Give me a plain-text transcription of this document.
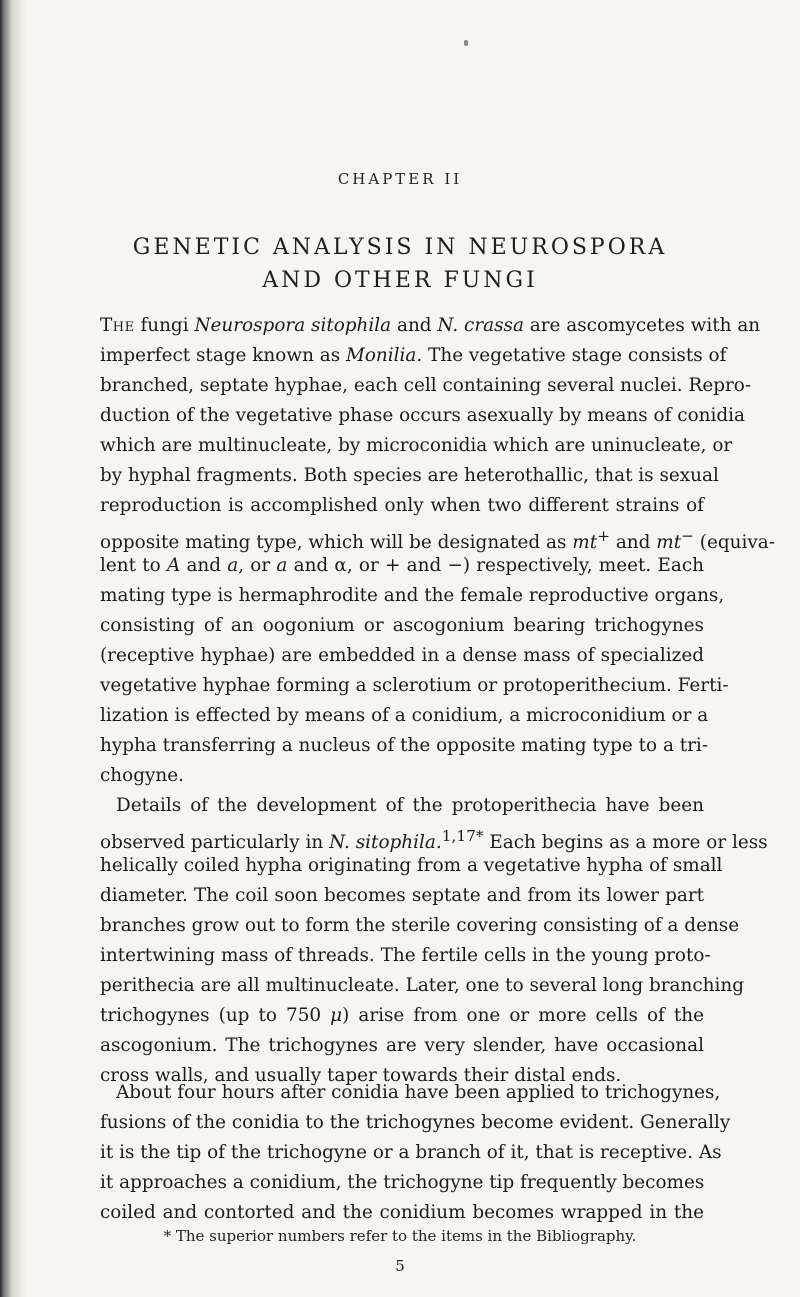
CHAPTER II
GENETIC ANALYSIS IN NEUROSPORA
AND OTHER FUNGI
The fungi Neurospora sitophila and N. crassa are ascomycetes with an
imperfect stage known as Monilia. The vegetative stage consists of
branched, septate hyphae, each cell containing several nuclei. Repro-
duction of the vegetative phase occurs asexually by means of conidia
which are multinucleate, by microconidia which are uninucleate, or
by hyphal fragments. Both species are heterothallic, that is sexual
reproduction is accomplished only when two different strains of
opposite mating type, which will be designated as mt+ and mt− (equiva-
lent to A and a, or a and α, or + and −) respectively, meet. Each
mating type is hermaphrodite and the female reproductive organs,
consisting of an oogonium or ascogonium bearing trichogynes
(receptive hyphae) are embedded in a dense mass of specialized
vegetative hyphae forming a sclerotium or protoperithecium. Ferti-
lization is effected by means of a conidium, a microconidium or a
hypha transferring a nucleus of the opposite mating type to a tri-
chogyne.
Details of the development of the protoperithecia have been
observed particularly in N. sitophila.$^{1,17*}$ Each begins as a more or less
helically coiled hypha originating from a vegetative hypha of small
diameter. The coil soon becomes septate and from its lower part
branches grow out to form the sterile covering consisting of a dense
intertwining mass of threads. The fertile cells in the young proto-
perithecia are all multinucleate. Later, one to several long branching
trichogynes (up to 750 μ) arise from one or more cells of the
ascogonium. The trichogynes are very slender, have occasional
cross walls, and usually taper towards their distal ends.
About four hours after conidia have been applied to trichogynes,
fusions of the conidia to the trichogynes become evident. Generally
it is the tip of the trichogyne or a branch of it, that is receptive. As
it approaches a conidium, the trichogyne tip frequently becomes
* The superior numbers refer to the items in the Bibliography.
5
coiled and contorted and the conidium becomes wrapped in the
